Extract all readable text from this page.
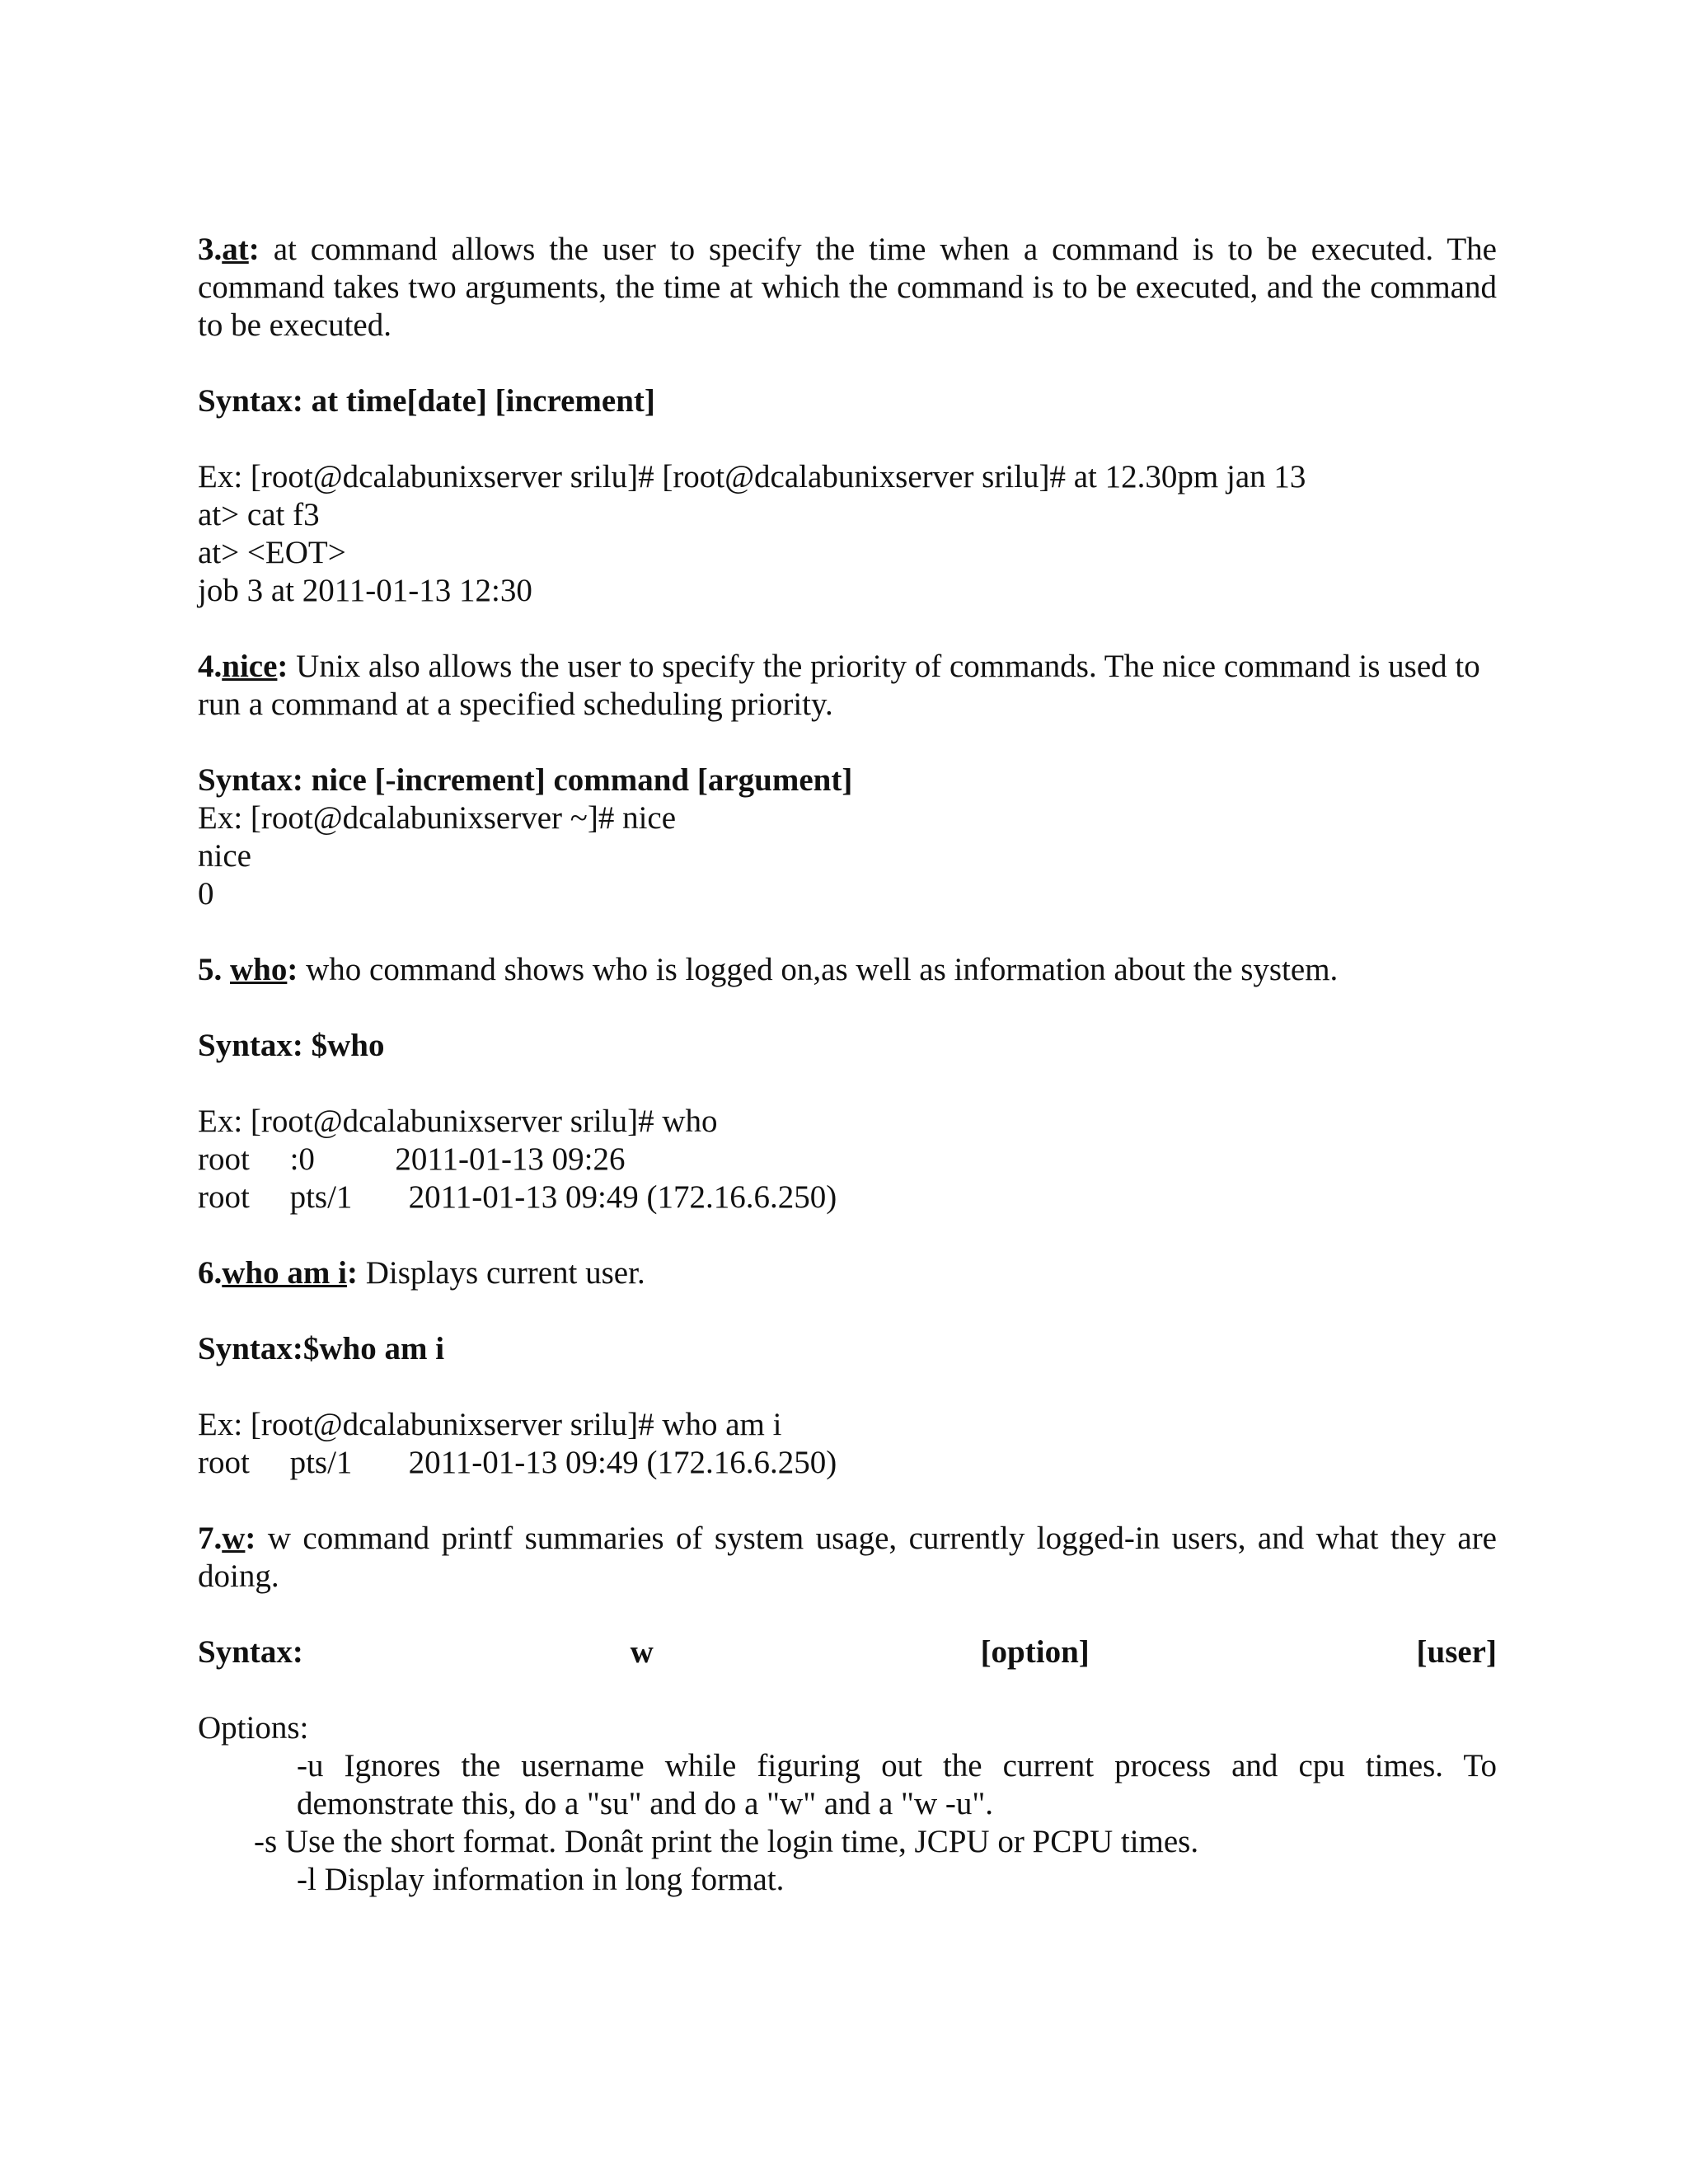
3.at: at command allows the user to specify the time when a command is to be executed. The command takes two arguments, the time at which the command is to be executed, and the command to be executed.

Syntax: at time[date] [increment]

Ex: [root@dcalabunixserver srilu]# [root@dcalabunixserver srilu]# at 12.30pm jan 13
at> cat f3
at> <EOT>
job 3 at 2011-01-13 12:30

4.nice: Unix also allows the user to specify the priority of commands. The nice command is used to run a command at a specified scheduling priority.

Syntax: nice [-increment] command [argument]

Ex: [root@dcalabunixserver ~]# nice
nice
0

5. who: who command shows who is logged on,as well as information about the system.

Syntax: $who

Ex: [root@dcalabunixserver srilu]# who
root     :0          2011-01-13 09:26
root     pts/1       2011-01-13 09:49 (172.16.6.250)

6.who am i: Displays current user.

Syntax:$who am i

Ex: [root@dcalabunixserver srilu]# who am i
root     pts/1       2011-01-13 09:49 (172.16.6.250)

7.w: w command printf summaries of system usage, currently logged-in users, and what they are doing.

Syntax:	w	[option]	[user]
Options:
-u Ignores the username while figuring out the current process and cpu times. To demonstrate this, do a "su" and do a "w" and a "w -u".
-s Use the short format. Donât print the login time, JCPU or PCPU times.
-l Display information in long format.
